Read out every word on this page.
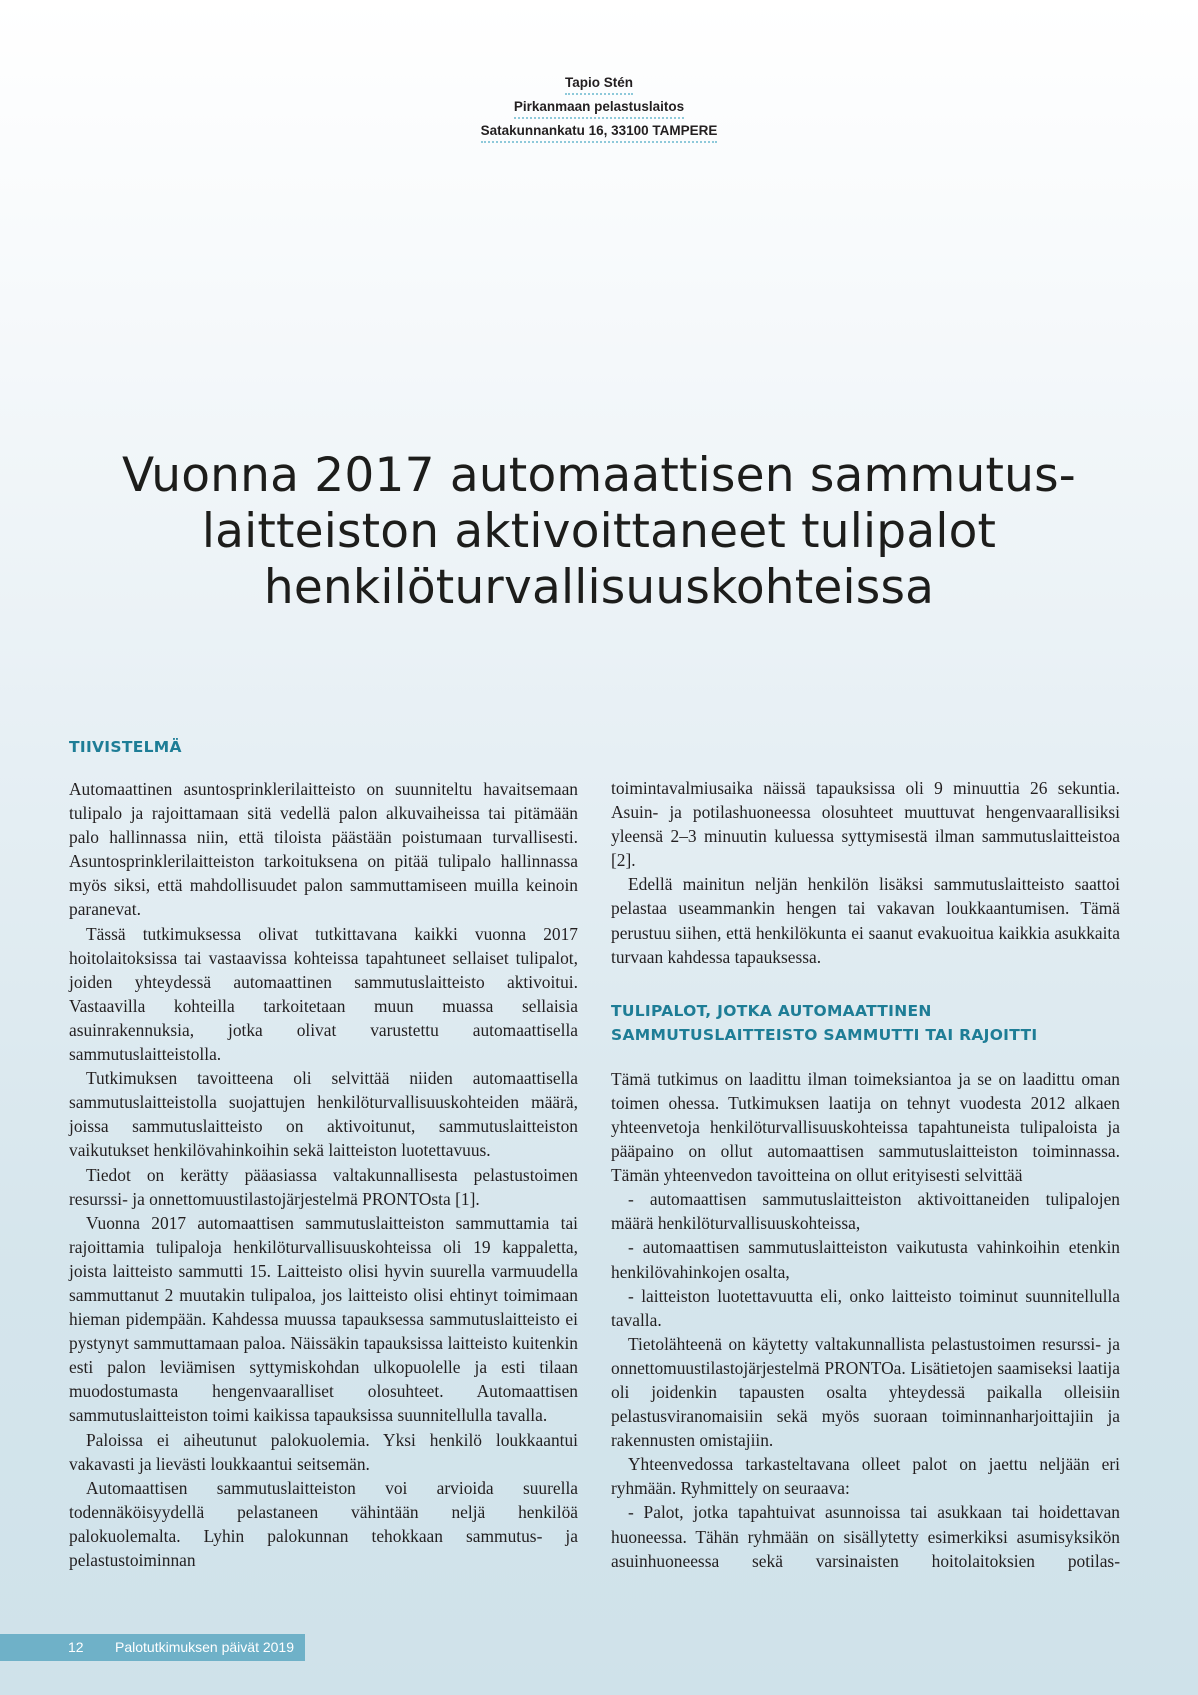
Tapio Stén
Pirkanmaan pelastuslaitos
Satakunnankatu 16, 33100 TAMPERE
Vuonna 2017 automaattisen sammutus-
laitteiston aktivoittaneet tulipalot
henkilöturvallisuuskohteissa
TIIVISTELMÄ

Automaattinen asuntosprinklerilaitteisto on suunniteltu havaitsemaan tulipalo ja rajoittamaan sitä vedellä palon alkuvaiheissa tai pitämään palo hallinnassa niin, että tiloista päästään poistumaan turvallisesti. Asuntosprinklerilaitteiston tarkoituksena on pitää tulipalo hallinnassa myös siksi, että mahdollisuudet palon sammuttamiseen muilla keinoin paranevat.

Tässä tutkimuksessa olivat tutkittavana kaikki vuonna 2017 hoitolaitoksissa tai vastaavissa kohteissa tapahtuneet sellaiset tulipalot, joiden yhteydessä automaattinen sammutuslaitteisto aktivoitui. Vastaavilla kohteilla tarkoitetaan muun muassa sellaisia asuinrakennuksia, jotka olivat varustettu automaattisella sammutuslaitteistolla.

Tutkimuksen tavoitteena oli selvittää niiden automaattisella sammutuslaitteistolla suojattujen henkilöturvallisuuskohteiden määrä, joissa sammutuslaitteisto on aktivoitunut, sammutuslaitteiston vaikutukset henkilövahinkoihin sekä laitteiston luotettavuus.

Tiedot on kerätty pääasiassa valtakunnallisesta pelastustoimen resurssi- ja onnettomuustilastojärjestelmä PRONTOsta [1].

Vuonna 2017 automaattisen sammutuslaitteiston sammuttamia tai rajoittamia tulipaloja henkilöturvallisuuskohteissa oli 19 kappaletta, joista laitteisto sammutti 15. Laitteisto olisi hyvin suurella varmuudella sammuttanut 2 muutakin tulipaloa, jos laitteisto olisi ehtinyt toimimaan hieman pidempään. Kahdessa muussa tapauksessa sammutuslaitteisto ei pystynyt sammuttamaan paloa. Näissäkin tapauksissa laitteisto kuitenkin esti palon leviämisen syttymiskohdan ulkopuolelle ja esti tilaan muodostumasta hengenvaaralliset olosuhteet. Automaattisen sammutuslaitteiston toimi kaikissa tapauksissa suunnitellulla tavalla.

Paloissa ei aiheutunut palokuolemia. Yksi henkilö loukkaantui vakavasti ja lievästi loukkaantui seitsemän.

Automaattisen sammutuslaitteiston voi arvioida suurella todennäköisyydellä pelastaneen vähintään neljä henkilöä palokuolemalta. Lyhin palokunnan tehokkaan sammutus- ja pelastustoiminnan

toimintavalmiusaika näissä tapauksissa oli 9 minuuttia 26 sekuntia. Asuin- ja potilashuoneessa olosuhteet muuttuvat hengenvaarallisiksi yleensä 2–3 minuutin kuluessa syttymisestä ilman sammutuslaitteistoa [2].

Edellä mainitun neljän henkilön lisäksi sammutuslaitteisto saattoi pelastaa useammankin hengen tai vakavan loukkaantumisen. Tämä perustuu siihen, että henkilökunta ei saanut evakuoitua kaikkia asukkaita turvaan kahdessa tapauksessa.

TULIPALOT, JOTKA AUTOMAATTINEN
SAMMUTUSLAITTEISTO SAMMUTTI TAI RAJOITTI

Tämä tutkimus on laadittu ilman toimeksiantoa ja se on laadittu oman toimen ohessa. Tutkimuksen laatija on tehnyt vuodesta 2012 alkaen yhteenvetoja henkilöturvallisuuskohteissa tapahtuneista tulipaloista ja pääpaino on ollut automaattisen sammutuslaitteiston toiminnassa. Tämän yhteenvedon tavoitteina on ollut erityisesti selvittää

- automaattisen sammutuslaitteiston aktivoittaneiden tulipalojen määrä henkilöturvallisuuskohteissa,

- automaattisen sammutuslaitteiston vaikutusta vahinkoihin etenkin henkilövahinkojen osalta,

- laitteiston luotettavuutta eli, onko laitteisto toiminut suunnitellulla tavalla.

Tietolähteenä on käytetty valtakunnallista pelastustoimen resurssi- ja onnettomuustilastojärjestelmä PRONTOa. Lisätietojen saamiseksi laatija oli joidenkin tapausten osalta yhteydessä paikalla olleisiin pelastusviranomaisiin sekä myös suoraan toiminnanharjoittajiin ja rakennusten omistajiin.

Yhteenvedossa tarkasteltavana olleet palot on jaettu neljään eri ryhmään. Ryhmittely on seuraava:

- Palot, jotka tapahtuivat asunnoissa tai asukkaan tai hoidettavan huoneessa. Tähän ryhmään on sisällytetty esimerkiksi asumisyksikön asuinhuoneessa sekä varsinaisten hoitolaitoksien potilas-

12 Palotutkimuksen päivät 2019
